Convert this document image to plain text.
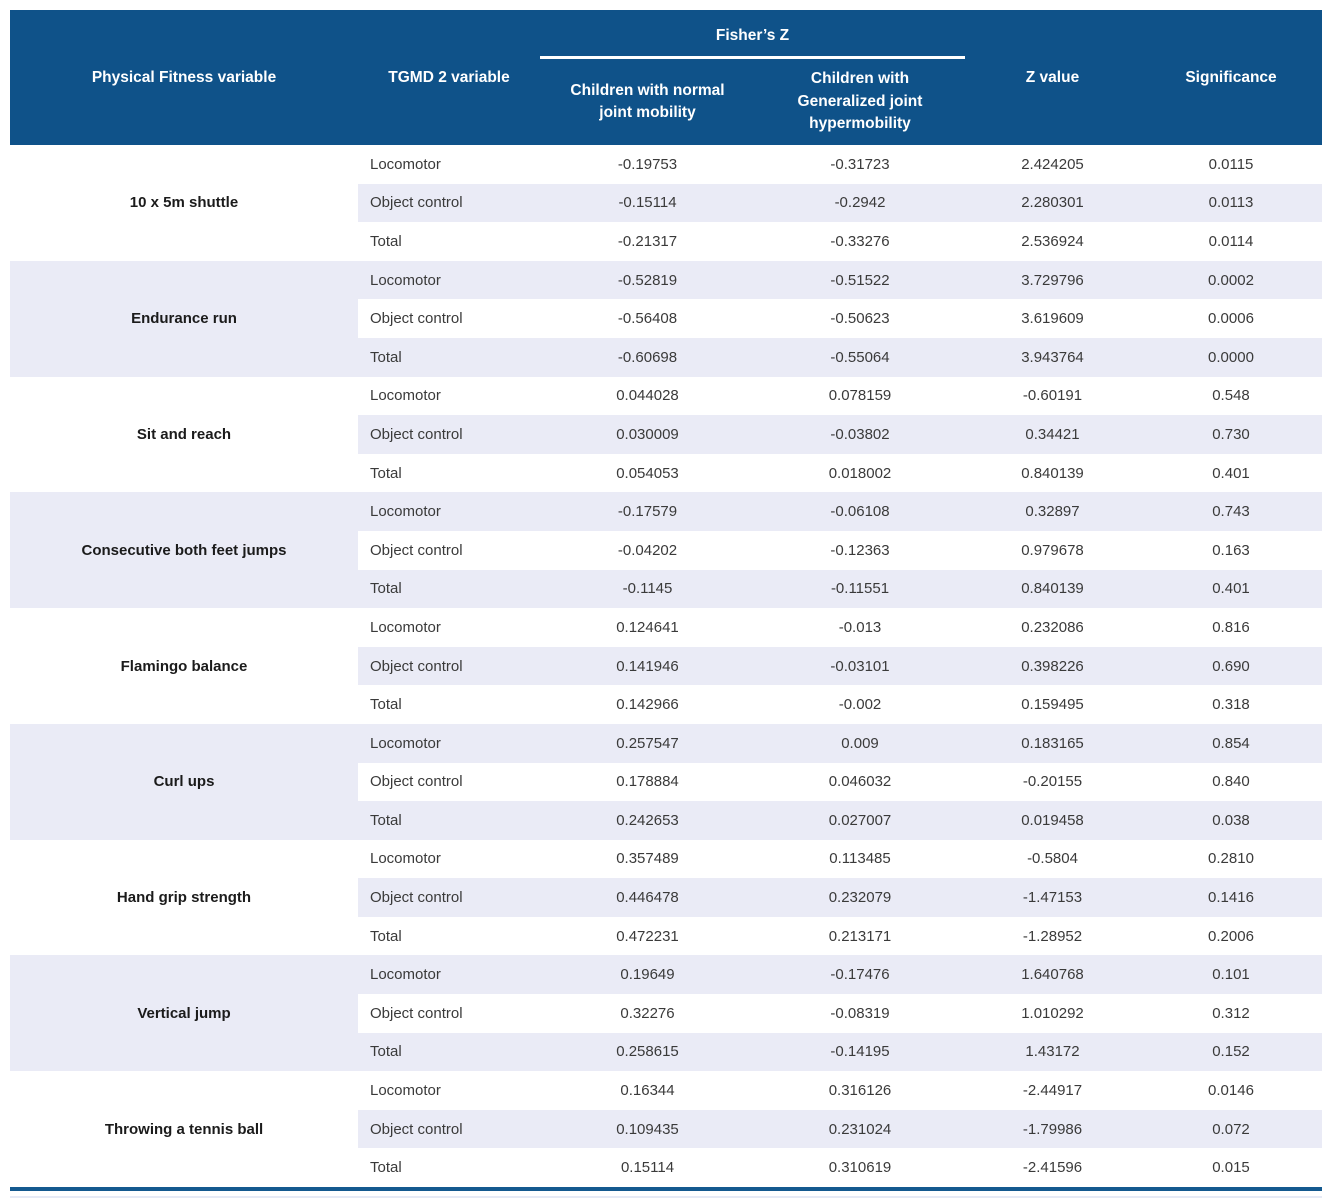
Physical Fitness variable	TGMD 2 variable	Fisher’s Z		Z value	Significance
		Children with normal joint mobility	Children with Generalized joint hypermobility		
10 x 5m shuttle	Locomotor	-0.19753	-0.31723	2.424205	0.0115
	Object control	-0.15114	-0.2942	2.280301	0.0113
	Total	-0.21317	-0.33276	2.536924	0.0114
Endurance run	Locomotor	-0.52819	-0.51522	3.729796	0.0002
	Object control	-0.56408	-0.50623	3.619609	0.0006
	Total	-0.60698	-0.55064	3.943764	0.0000
Sit and reach	Locomotor	0.044028	0.078159	-0.60191	0.548
	Object control	0.030009	-0.03802	0.34421	0.730
	Total	0.054053	0.018002	0.840139	0.401
Consecutive both feet jumps	Locomotor	-0.17579	-0.06108	0.32897	0.743
	Object control	-0.04202	-0.12363	0.979678	0.163
	Total	-0.1145	-0.11551	0.840139	0.401
Flamingo balance	Locomotor	0.124641	-0.013	0.232086	0.816
	Object control	0.141946	-0.03101	0.398226	0.690
	Total	0.142966	-0.002	0.159495	0.318
Curl ups	Locomotor	0.257547	0.009	0.183165	0.854
	Object control	0.178884	0.046032	-0.20155	0.840
	Total	0.242653	0.027007	0.019458	0.038
Hand grip strength	Locomotor	0.357489	0.113485	-0.5804	0.2810
	Object control	0.446478	0.232079	-1.47153	0.1416
	Total	0.472231	0.213171	-1.28952	0.2006
Vertical jump	Locomotor	0.19649	-0.17476	1.640768	0.101
	Object control	0.32276	-0.08319	1.010292	0.312
	Total	0.258615	-0.14195	1.43172	0.152
Throwing a tennis ball	Locomotor	0.16344	0.316126	-2.44917	0.0146
	Object control	0.109435	0.231024	-1.79986	0.072
	Total	0.15114	0.310619	-2.41596	0.015
